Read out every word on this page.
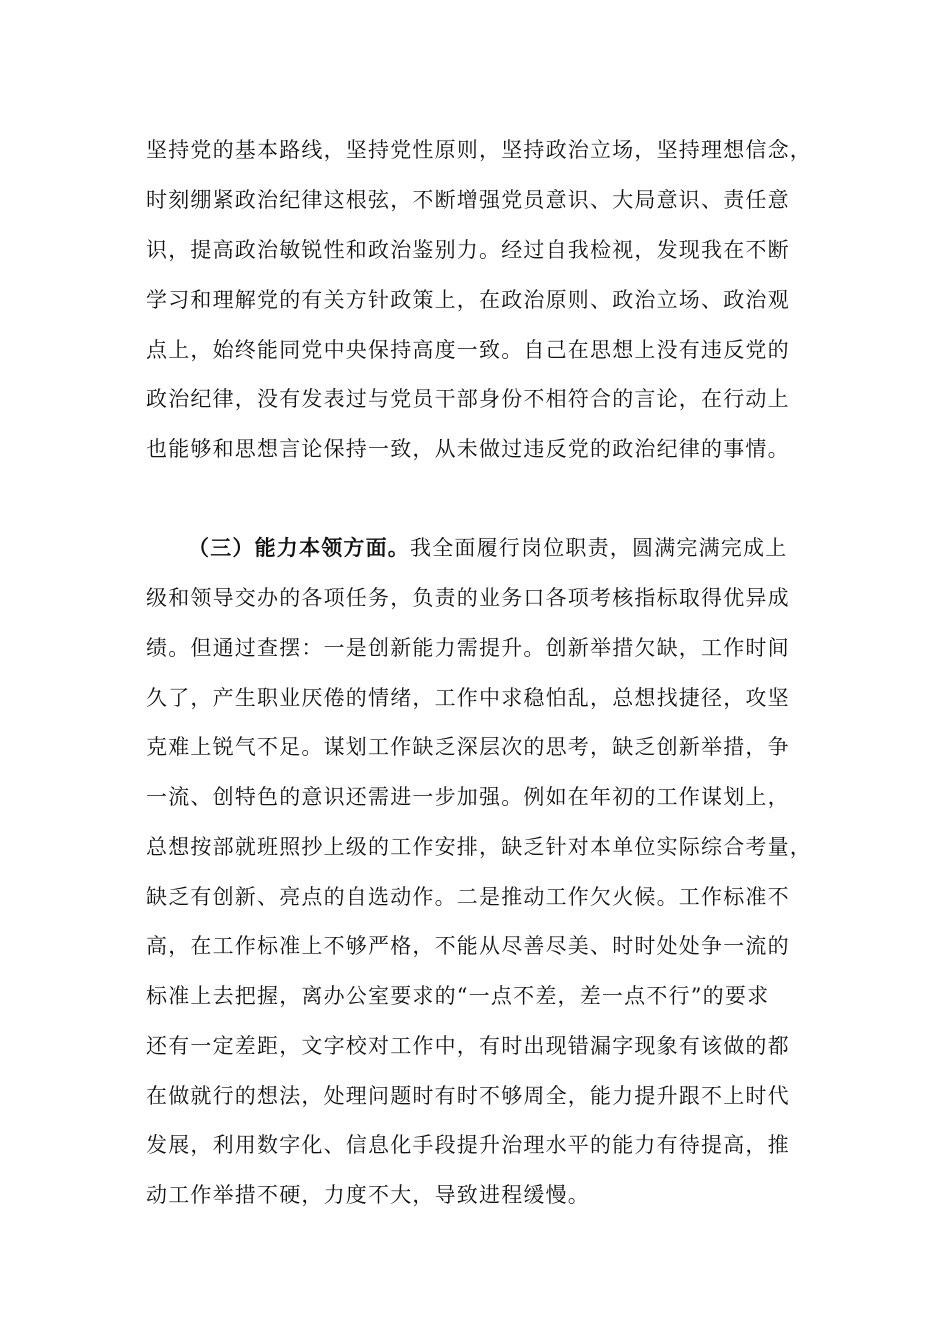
坚持党的基本路线，坚持党性原则，坚持政治立场，坚持理想信念，
时刻绷紧政治纪律这根弦，不断增强党员意识、大局意识、责任意
识，提高政治敏锐性和政治鉴别力。经过自我检视，发现我在不断
学习和理解党的有关方针政策上，在政治原则、政治立场、政治观
点上，始终能同党中央保持高度一致。自己在思想上没有违反党的
政治纪律，没有发表过与党员干部身份不相符合的言论，在行动上
也能够和思想言论保持一致，从未做过违反党的政治纪律的事情。
（三）能力本领方面。我全面履行岗位职责，圆满完满完成上
级和领导交办的各项任务，负责的业务口各项考核指标取得优异成
绩。但通过查摆：一是创新能力需提升。创新举措欠缺，工作时间
久了，产生职业厌倦的情绪，工作中求稳怕乱，总想找捷径，攻坚
克难上锐气不足。谋划工作缺乏深层次的思考，缺乏创新举措，争
一流、创特色的意识还需进一步加强。例如在年初的工作谋划上，
总想按部就班照抄上级的工作安排，缺乏针对本单位实际综合考量，
缺乏有创新、亮点的自选动作。二是推动工作欠火候。工作标准不
高，在工作标准上不够严格，不能从尽善尽美、时时处处争一流的
标准上去把握，离办公室要求的“一点不差，差一点不行”的要求
还有一定差距，文字校对工作中，有时出现错漏字现象有该做的都
在做就行的想法，处理问题时有时不够周全，能力提升跟不上时代
发展，利用数字化、信息化手段提升治理水平的能力有待提高，推
动工作举措不硬，力度不大，导致进程缓慢。
